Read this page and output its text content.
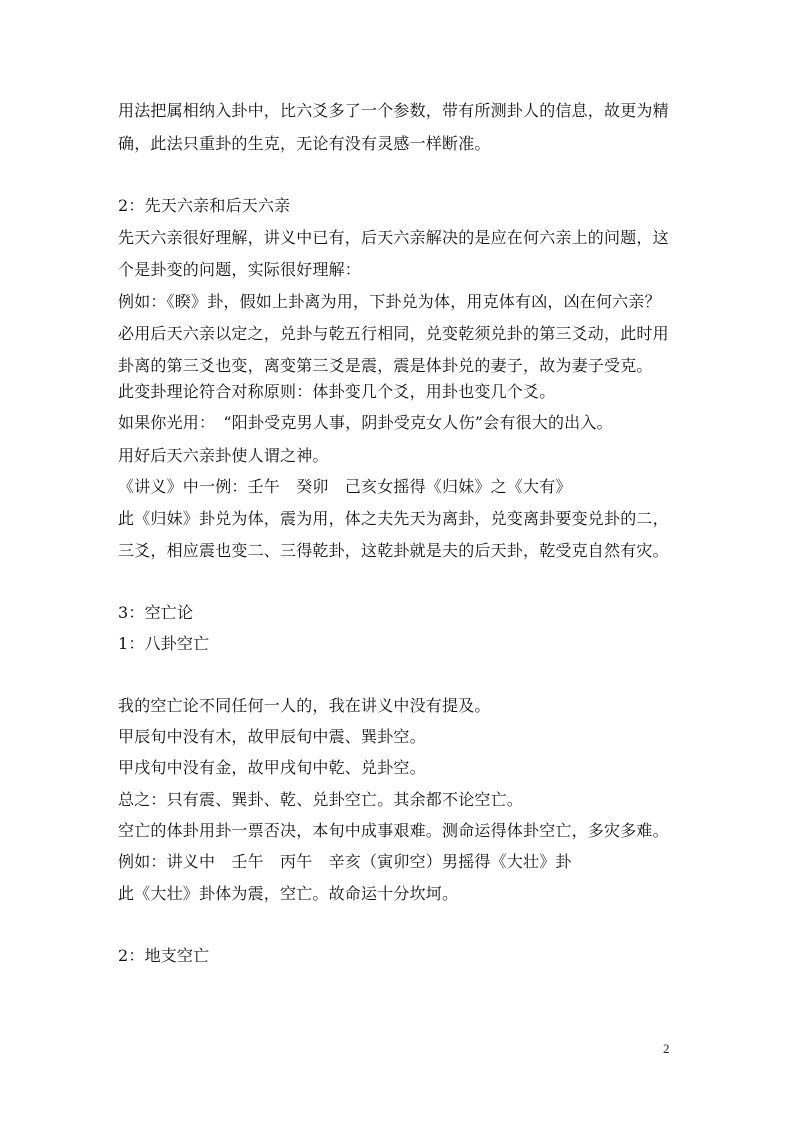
用法把属相纳入卦中，比六爻多了一个参数，带有所测卦人的信息，故更为精
确，此法只重卦的生克，无论有没有灵感一样断准。
2：先天六亲和后天六亲
先天六亲很好理解，讲义中已有，后天六亲解决的是应在何六亲上的问题，这
个是卦变的问题，实际很好理解：
例如：《睽》卦，假如上卦离为用，下卦兑为体，用克体有凶，凶在何六亲？
必用后天六亲以定之，兑卦与乾五行相同，兑变乾须兑卦的第三爻动，此时用
卦离的第三爻也变，离变第三爻是震，震是体卦兑的妻子，故为妻子受克。
此变卦理论符合对称原则：体卦变几个爻，用卦也变几个爻。
如果你光用：　“阳卦受克男人事，阴卦受克女人伤”会有很大的出入。
用好后天六亲卦使人谓之神。
《讲义》中一例：壬午　癸卯　己亥女摇得《归妹》之《大有》
此《归妹》卦兑为体，震为用，体之夫先天为离卦，兑变离卦要变兑卦的二，
三爻，相应震也变二、三得乾卦，这乾卦就是夫的后天卦，乾受克自然有灾。
3：空亡论
1：八卦空亡
我的空亡论不同任何一人的，我在讲义中没有提及。
甲辰旬中没有木，故甲辰旬中震、巽卦空。
甲戌旬中没有金，故甲戌旬中乾、兑卦空。
总之：只有震、巽卦、乾、兑卦空亡。其余都不论空亡。
空亡的体卦用卦一票否决，本旬中成事艰难。测命运得体卦空亡，多灾多难。
例如：讲义中　壬午　丙午　辛亥（寅卯空）男摇得《大壮》卦
此《大壮》卦体为震，空亡。故命运十分坎坷。
2：地支空亡
2
